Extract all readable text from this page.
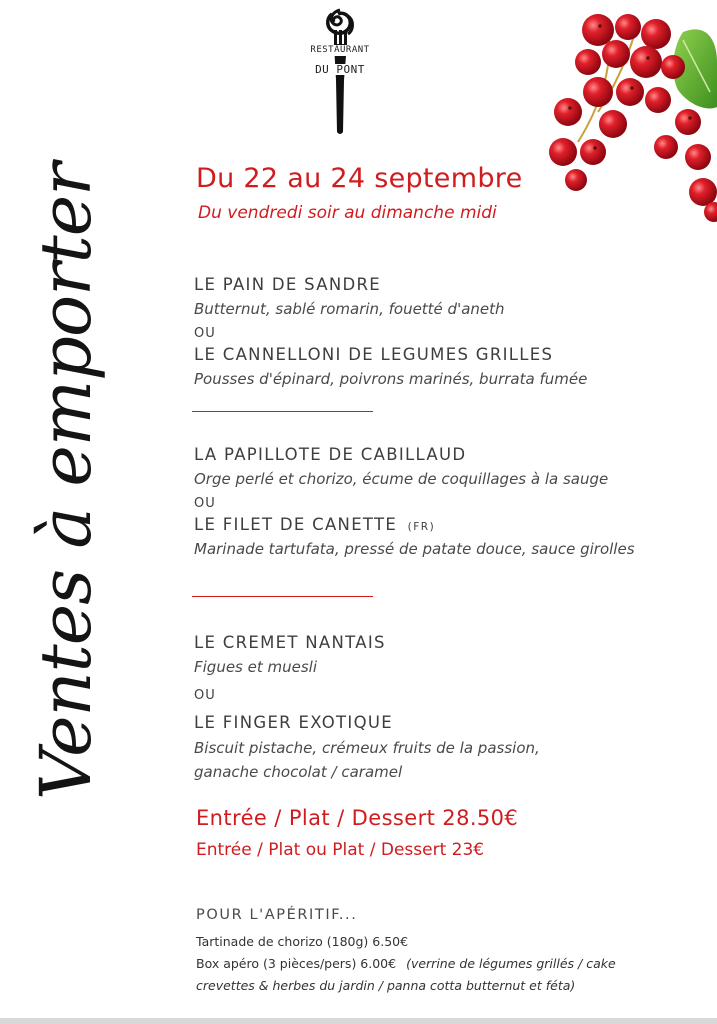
RESTAURANT
DU PONT
Ventes à emporter	Du 22 au 24 septembre
Du vendredi soir au dimanche midi
LE PAIN DE SANDRE
Butternut, sablé romarin, fouetté d'aneth
OU
LE CANNELLONI DE LEGUMES GRILLES
Pousses d'épinard, poivrons marinés, burrata fumée
LA PAPILLOTE DE CABILLAUD
Orge perlé et chorizo, écume de coquillages à la sauge
OU
LE FILET DE CANETTE (FR)
Marinade tartufata, pressé de patate douce, sauce girolles
LE CREMET NANTAIS
Figues et muesli
OU
LE FINGER EXOTIQUE
Biscuit pistache, crémeux fruits de la passion,
ganache chocolat / caramel
Entrée / Plat / Dessert 28.50€
Entrée / Plat ou Plat / Dessert 23€
POUR L'APÉRITIF...
Tartinade de chorizo (180g) 6.50€
Box apéro (3 pièces/pers) 6.00€ (verrine de légumes grillés / cake
crevettes & herbes du jardin / panna cotta butternut et féta)
